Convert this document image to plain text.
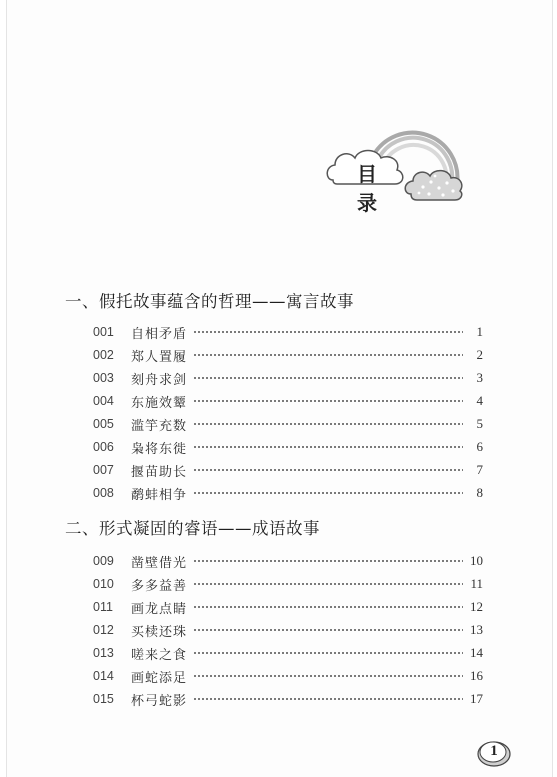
目 录
一、假托故事蕴含的哲理——寓言故事
001	自相矛盾	1
002	郑人置履	2
003	刻舟求剑	3
004	东施效颦	4
005	滥竽充数	5
006	枭将东徙	6
007	揠苗助长	7
008	鹬蚌相争	8
二、形式凝固的睿语——成语故事
009	凿壁借光	10
010	多多益善	11
011	画龙点睛	12
012	买椟还珠	13
013	嗟来之食	14
014	画蛇添足	16
015	杯弓蛇影	17
1
